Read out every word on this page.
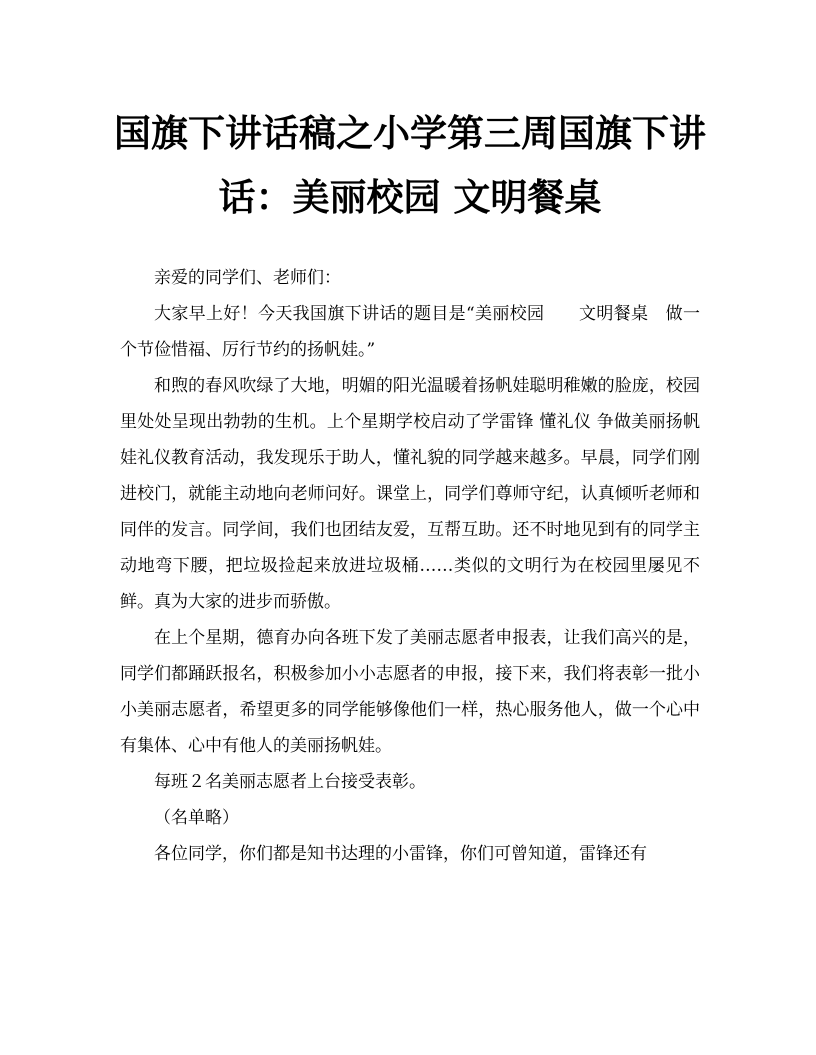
国旗下讲话稿之小学第三周国旗下讲话：美丽校园 文明餐桌

亲爱的同学们、老师们：

大家早上好！今天我国旗下讲话的题目是“美丽校园　　文明餐桌　做一个节俭惜福、厉行节约的扬帆娃。”

和煦的春风吹绿了大地，明媚的阳光温暖着扬帆娃聪明稚嫩的脸庞，校园里处处呈现出勃勃的生机。上个星期学校启动了学雷锋 懂礼仪 争做美丽扬帆娃礼仪教育活动，我发现乐于助人，懂礼貌的同学越来越多。早晨，同学们刚进校门，就能主动地向老师问好。课堂上，同学们尊师守纪，认真倾听老师和同伴的发言。同学间，我们也团结友爱，互帮互助。还不时地见到有的同学主动地弯下腰，把垃圾捡起来放进垃圾桶……类似的文明行为在校园里屡见不鲜。真为大家的进步而骄傲。

在上个星期，德育办向各班下发了美丽志愿者申报表，让我们高兴的是，同学们都踊跃报名，积极参加小小志愿者的申报，接下来，我们将表彰一批小小美丽志愿者，希望更多的同学能够像他们一样，热心服务他人，做一个心中有集体、心中有他人的美丽扬帆娃。

每班２名美丽志愿者上台接受表彰。

（名单略）

各位同学，你们都是知书达理的小雷锋，你们可曾知道，雷锋还有
